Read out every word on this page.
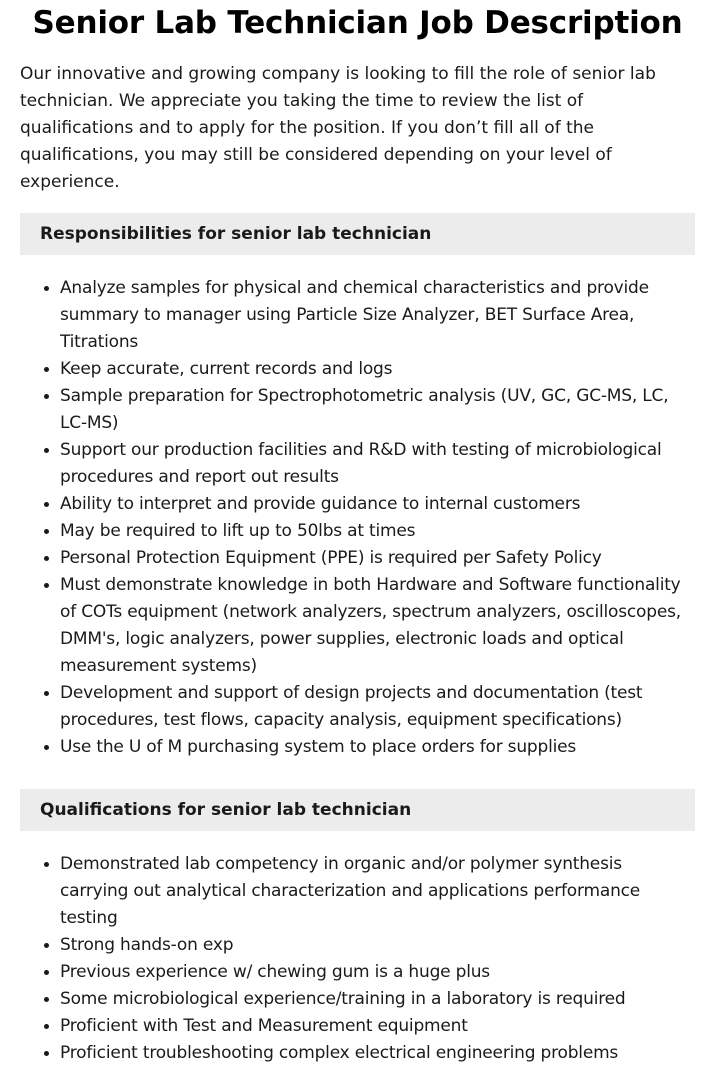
Senior Lab Technician Job Description

Our innovative and growing company is looking to fill the role of senior lab technician. We appreciate you taking the time to review the list of qualifications and to apply for the position. If you don’t fill all of the qualifications, you may still be considered depending on your level of experience.

Responsibilities for senior lab technician
• Analyze samples for physical and chemical characteristics and provide summary to manager using Particle Size Analyzer, BET Surface Area, Titrations
• Keep accurate, current records and logs
• Sample preparation for Spectrophotometric analysis (UV, GC, GC-MS, LC, LC-MS)
• Support our production facilities and R&D with testing of microbiological procedures and report out results
• Ability to interpret and provide guidance to internal customers
• May be required to lift up to 50lbs at times
• Personal Protection Equipment (PPE) is required per Safety Policy
• Must demonstrate knowledge in both Hardware and Software functionality of COTs equipment (network analyzers, spectrum analyzers, oscilloscopes, DMM's, logic analyzers, power supplies, electronic loads and optical measurement systems)
• Development and support of design projects and documentation (test procedures, test flows, capacity analysis, equipment specifications)
• Use the U of M purchasing system to place orders for supplies
Qualifications for senior lab technician
• Demonstrated lab competency in organic and/or polymer synthesis carrying out analytical characterization and applications performance testing
• Strong hands-on exp
• Previous experience w/ chewing gum is a huge plus
• Some microbiological experience/training in a laboratory is required
• Proficient with Test and Measurement equipment
• Proficient troubleshooting complex electrical engineering problems
